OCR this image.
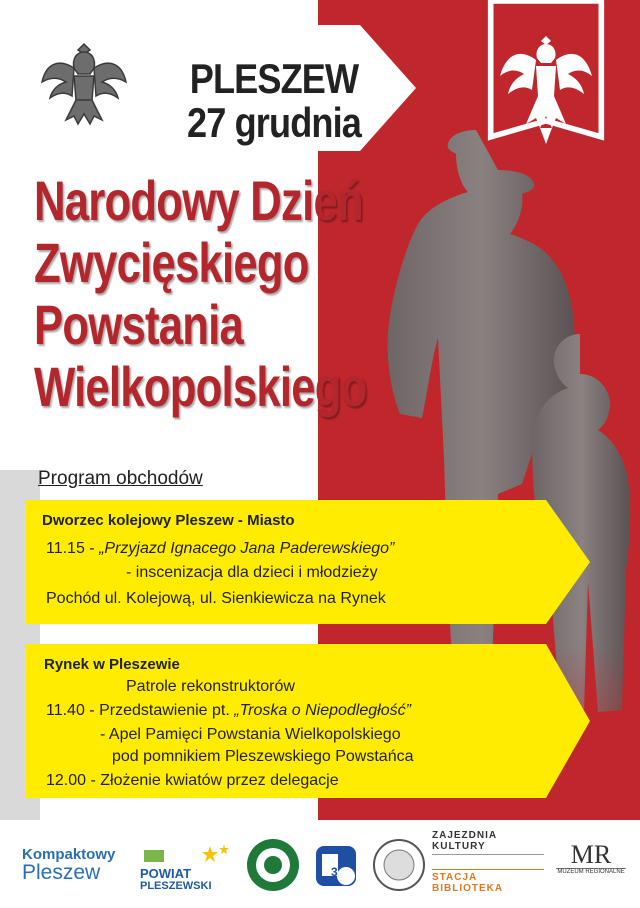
PLESZEW
27 grudnia
Narodowy Dzień
Zwycięskiego
Powstania
Wielkopolskiego
Program obchodów
Dworzec kolejowy Pleszew - Miasto
11.15 - „Przyjazd Ignacego Jana Paderewskiego”
- inscenizacja dla dzieci i młodzieży
Pochód ul. Kolejową, ul. Sienkiewicza na Rynek
Rynek w Pleszewie
Patrole rekonstruktorów
11.40 - Przedstawienie pt. „Troska o Niepodległość”
- Apel Pamięci Powstania Wielkopolskiego
pod pomnikiem Pleszewskiego Powstańca
12.00 - Złożenie kwiatów przez delegacje
Kompaktowy
Pleszew	POWIAT
PLESZEWSKI
3
ZAJEZDNIA KULTURY
STACJA BIBLIOTEKA
MR
MUZEUM REGIONALNE
